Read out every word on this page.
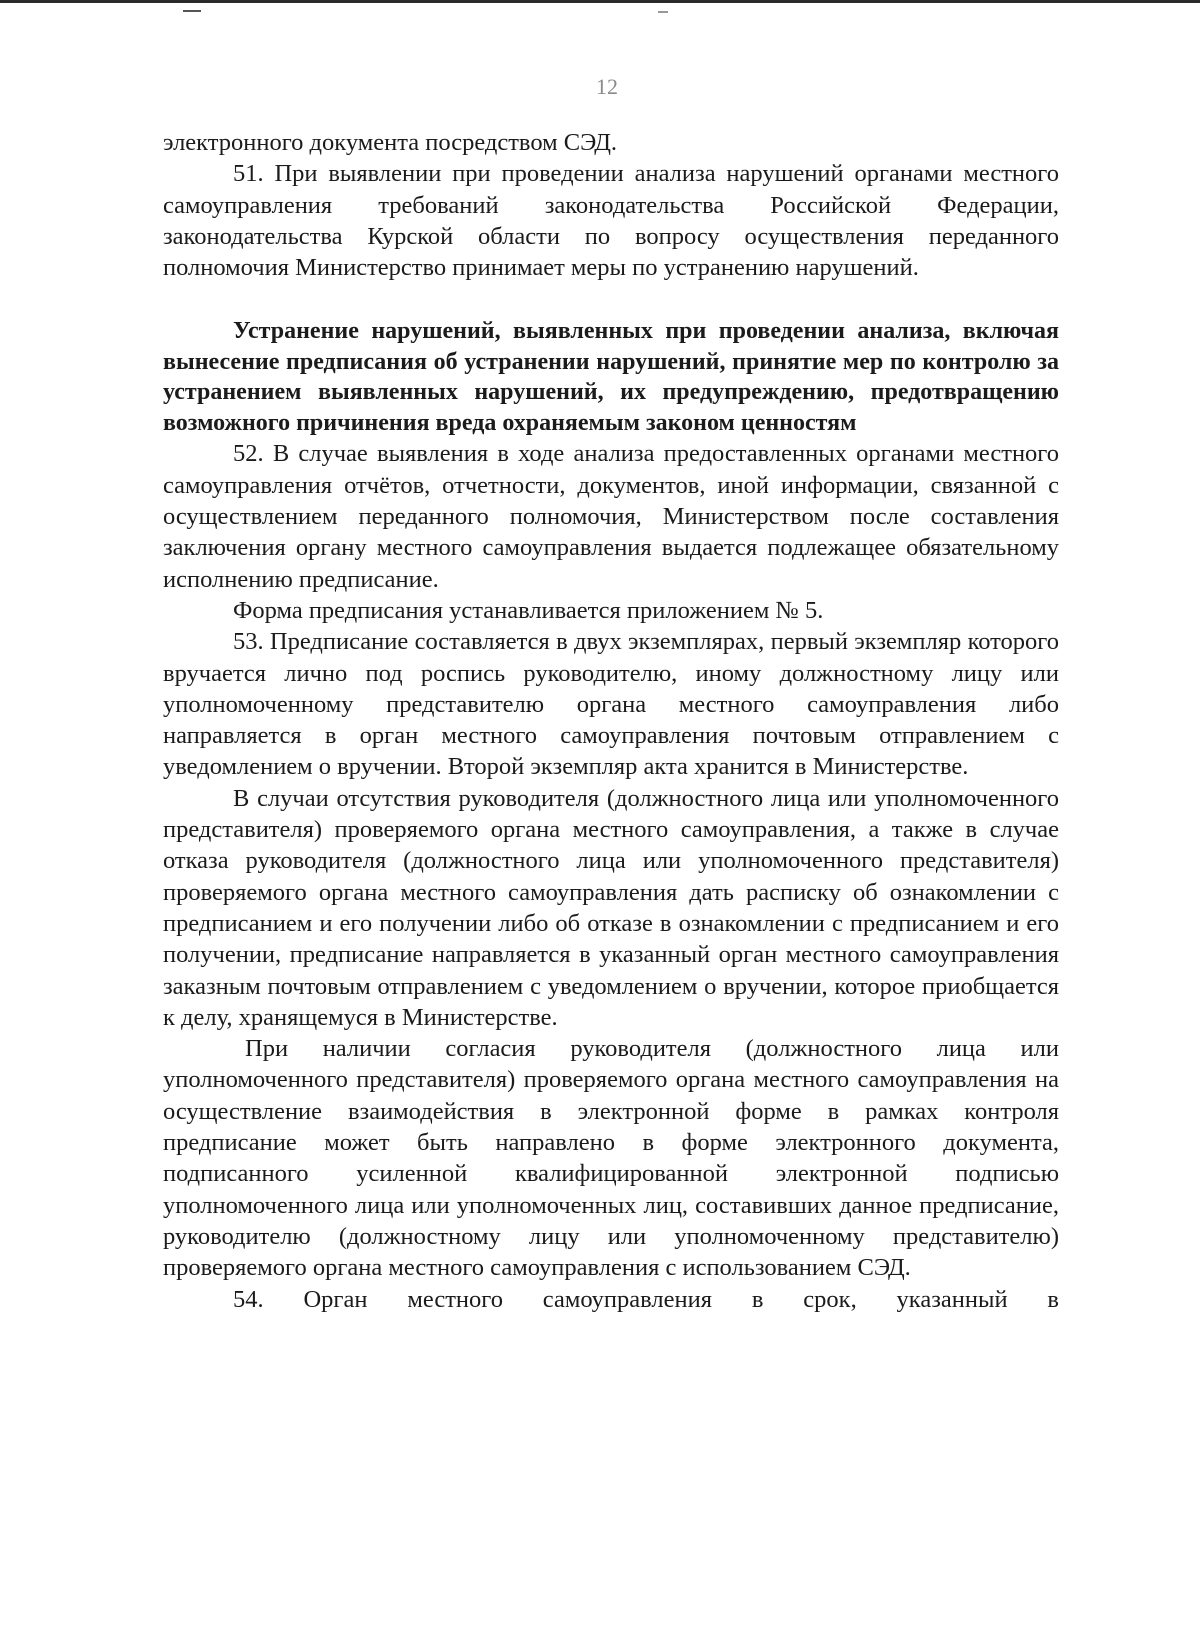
12

электронного документа посредством СЭД.

51. При выявлении при проведении анализа нарушений органами местного самоуправления требований законодательства Российской Федерации, законодательства Курской области по вопросу осуществления переданного полномочия Министерство принимает меры по устранению нарушений.

Устранение нарушений, выявленных при проведении анализа, включая вынесение предписания об устранении нарушений, принятие мер по контролю за устранением выявленных нарушений, их предупреждению, предотвращению возможного причинения вреда охраняемым законом ценностям

52. В случае выявления в ходе анализа предоставленных органами местного самоуправления отчётов, отчетности, документов, иной информации, связанной с осуществлением переданного полномочия, Министерством после составления заключения органу местного самоуправления выдается подлежащее обязательному исполнению предписание.

Форма предписания устанавливается приложением № 5.

53. Предписание составляется в двух экземплярах, первый экземпляр которого вручается лично под роспись руководителю, иному должностному лицу или уполномоченному представителю органа местного самоуправления либо направляется в орган местного самоуправления почтовым отправлением с уведомлением о вручении. Второй экземпляр акта хранится в Министерстве.

В случаи отсутствия руководителя (должностного лица или уполномоченного представителя) проверяемого органа местного самоуправления, а также в случае отказа руководителя (должностного лица или уполномоченного представителя) проверяемого органа местного самоуправления дать расписку об ознакомлении с предписанием и его получении либо об отказе в ознакомлении с предписанием и его получении, предписание направляется в указанный орган местного самоуправления заказным почтовым отправлением с уведомлением о вручении, которое приобщается к делу, хранящемуся в Министерстве.

При наличии согласия руководителя (должностного лица или уполномоченного представителя) проверяемого органа местного самоуправления на осуществление взаимодействия в электронной форме в рамках контроля предписание может быть направлено в форме электронного документа, подписанного усиленной квалифицированной электронной подписью уполномоченного лица или уполномоченных лиц, составивших данное предписание, руководителю (должностному лицу или уполномоченному представителю) проверяемого органа местного самоуправления с использованием СЭД.

54. Орган местного самоуправления в срок, указанный в
